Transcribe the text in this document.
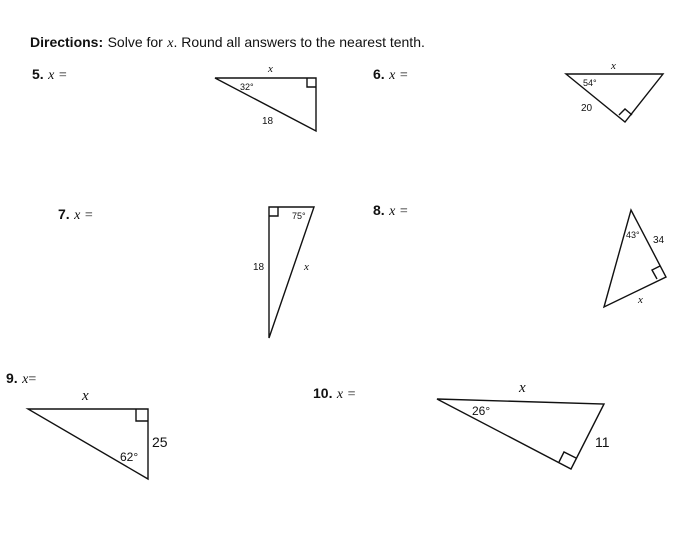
Directions: Solve for x. Round all answers to the nearest tenth.
5. x =	6. x =
7. x =	8. x =
9. x=
10. x =
x
32°
18
x
54°
20
75°
18	x
43° 34
x
x
25
62°
x
26°
11
